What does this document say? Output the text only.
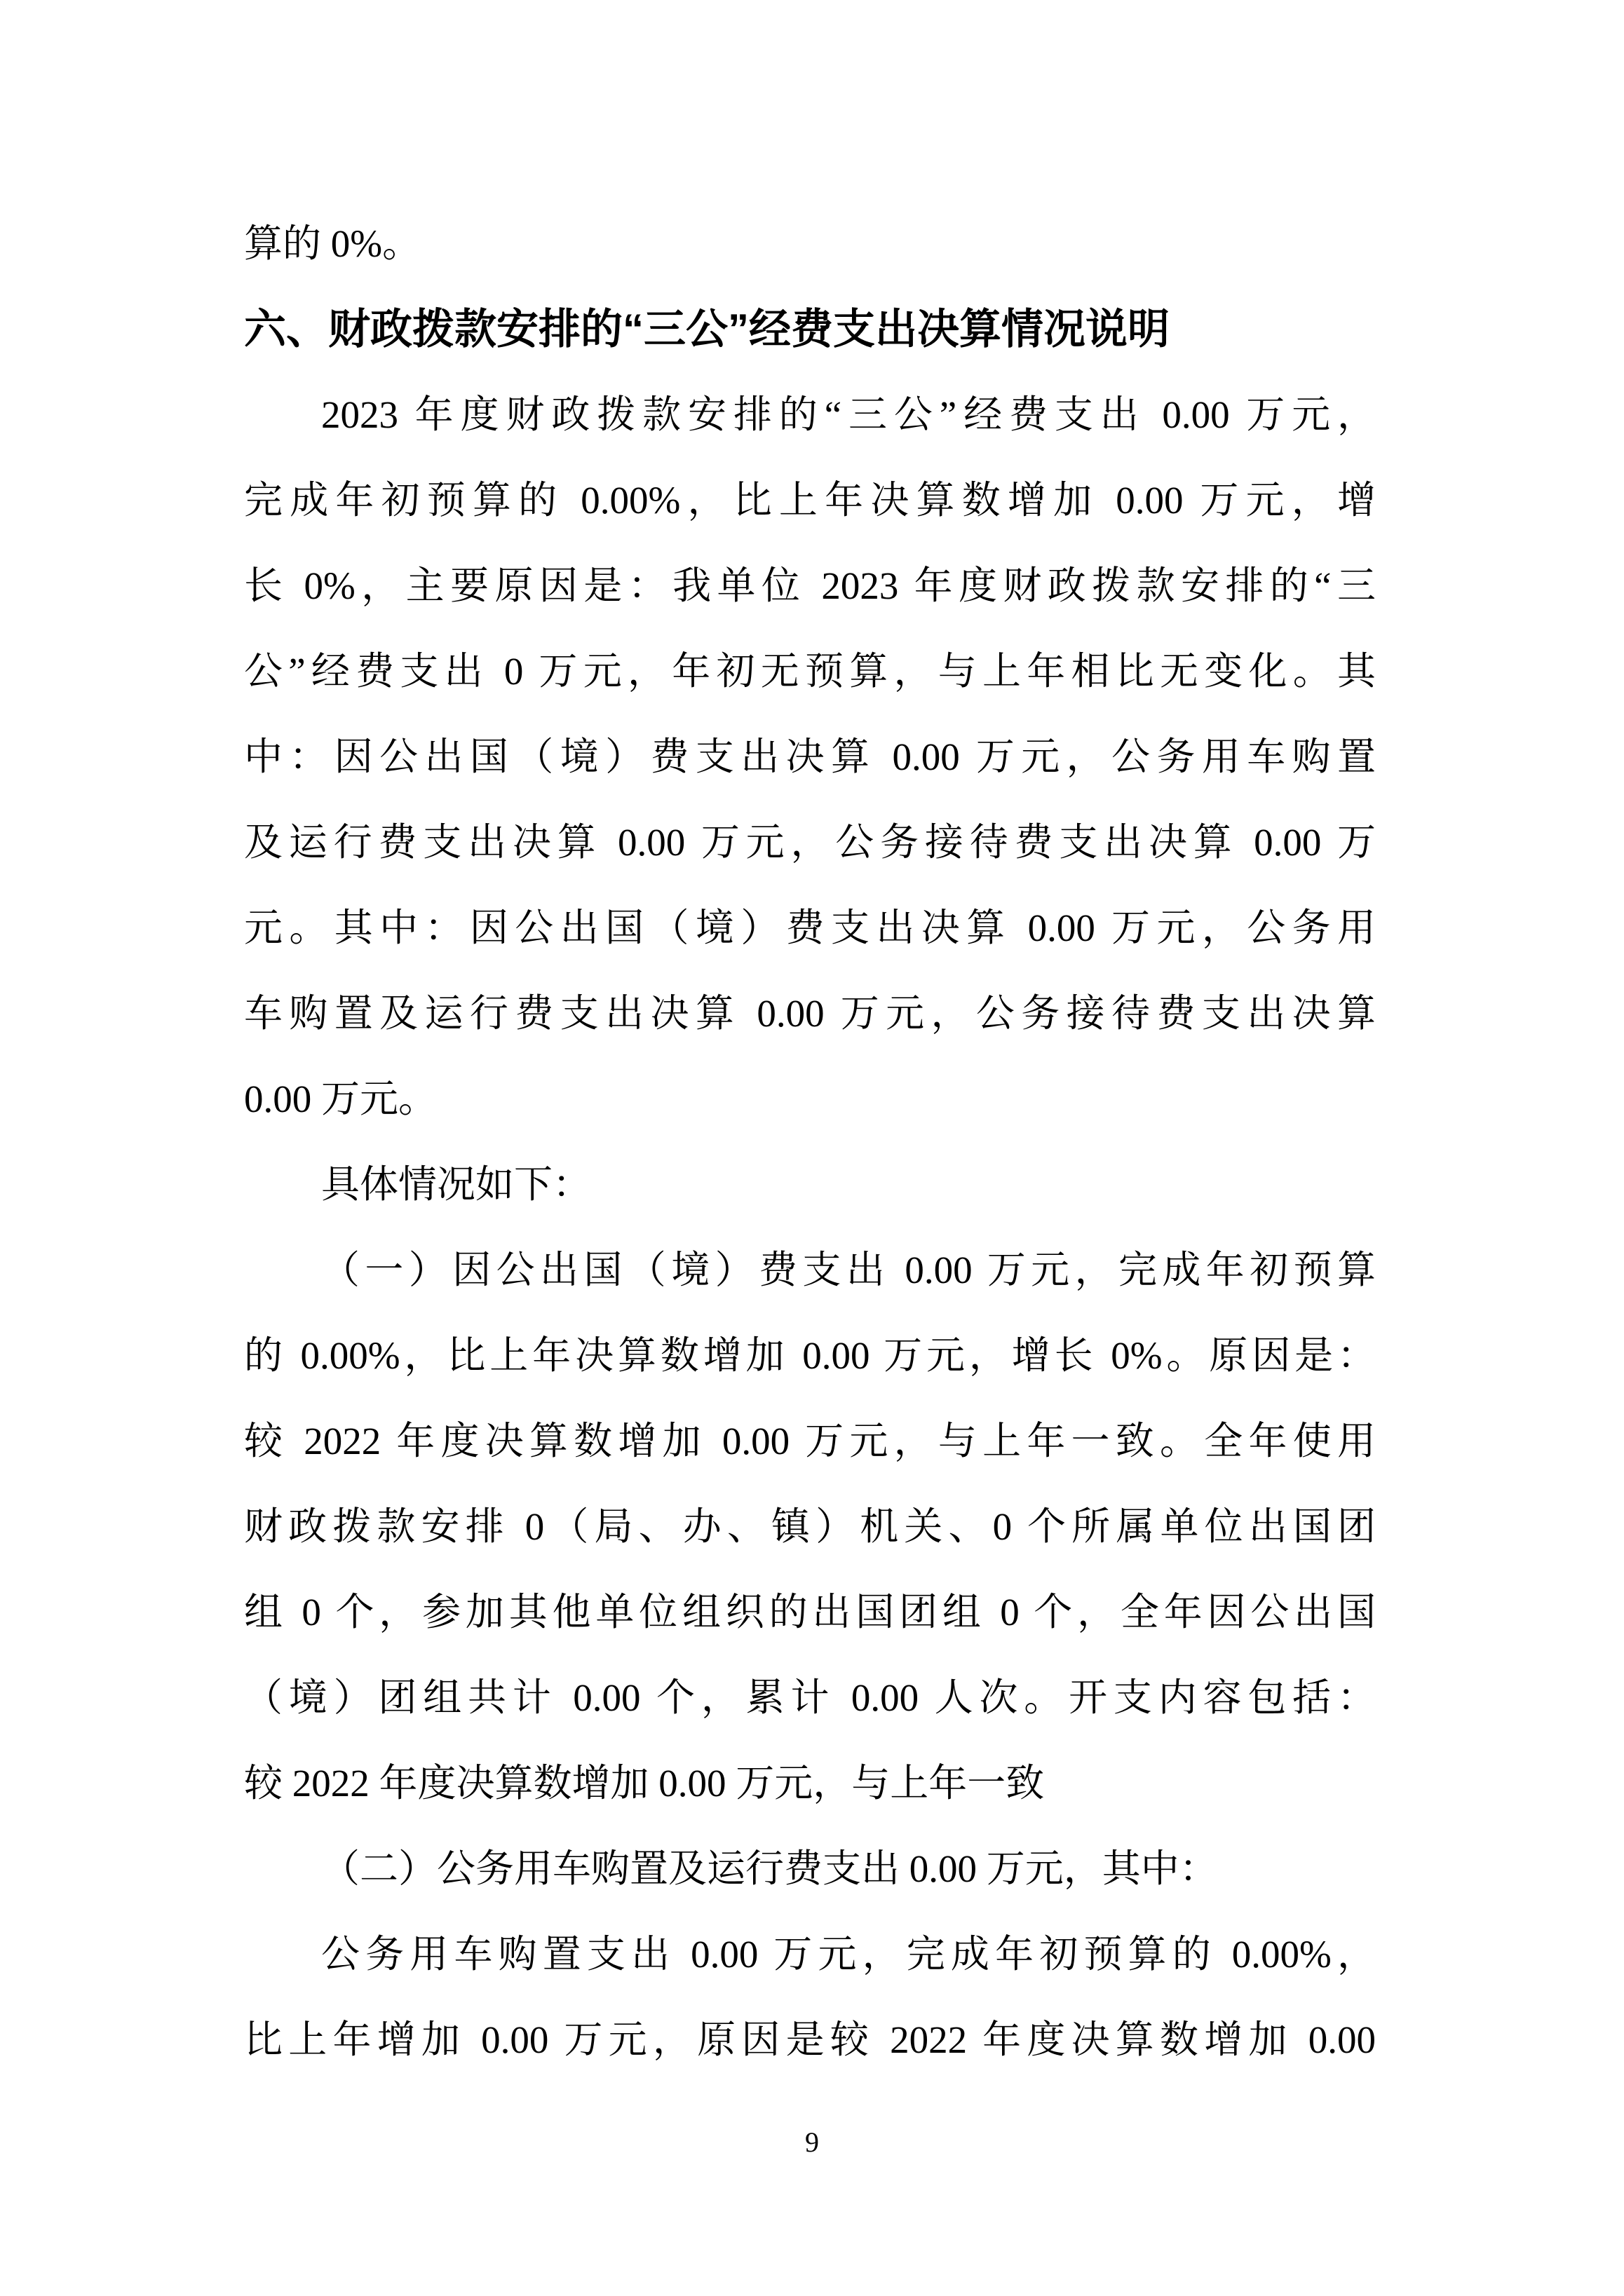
算的 0%。
六、财政拨款安排的“三公”经费支出决算情况说明
2023 年度财政拨款安排的“三公”经费支出 0.00 万元，
完成年初预算的 0.00%，比上年决算数增加 0.00 万元，增
长 0%，主要原因是：我单位 2023 年度财政拨款安排的“三
公”经费支出 0 万元，年初无预算，与上年相比无变化。其
中：因公出国（境）费支出决算 0.00 万元，公务用车购置
及运行费支出决算 0.00 万元，公务接待费支出决算 0.00 万
元。其中：因公出国（境）费支出决算 0.00 万元，公务用
车购置及运行费支出决算 0.00 万元，公务接待费支出决算
0.00 万元。
具体情况如下：
（一）因公出国（境）费支出 0.00 万元，完成年初预算
的 0.00%，比上年决算数增加 0.00 万元，增长 0%。原因是：
较 2022 年度决算数增加 0.00 万元，与上年一致。全年使用
财政拨款安排 0（局、办、镇）机关、0 个所属单位出国团
组 0 个，参加其他单位组织的出国团组 0 个，全年因公出国
（境）团组共计 0.00 个，累计 0.00 人次。开支内容包括：
较 2022 年度决算数增加 0.00 万元，与上年一致
（二）公务用车购置及运行费支出 0.00 万元，其中：
公务用车购置支出 0.00 万元，完成年初预算的 0.00%，
比上年增加 0.00 万元，原因是较 2022 年度决算数增加 0.00
9
